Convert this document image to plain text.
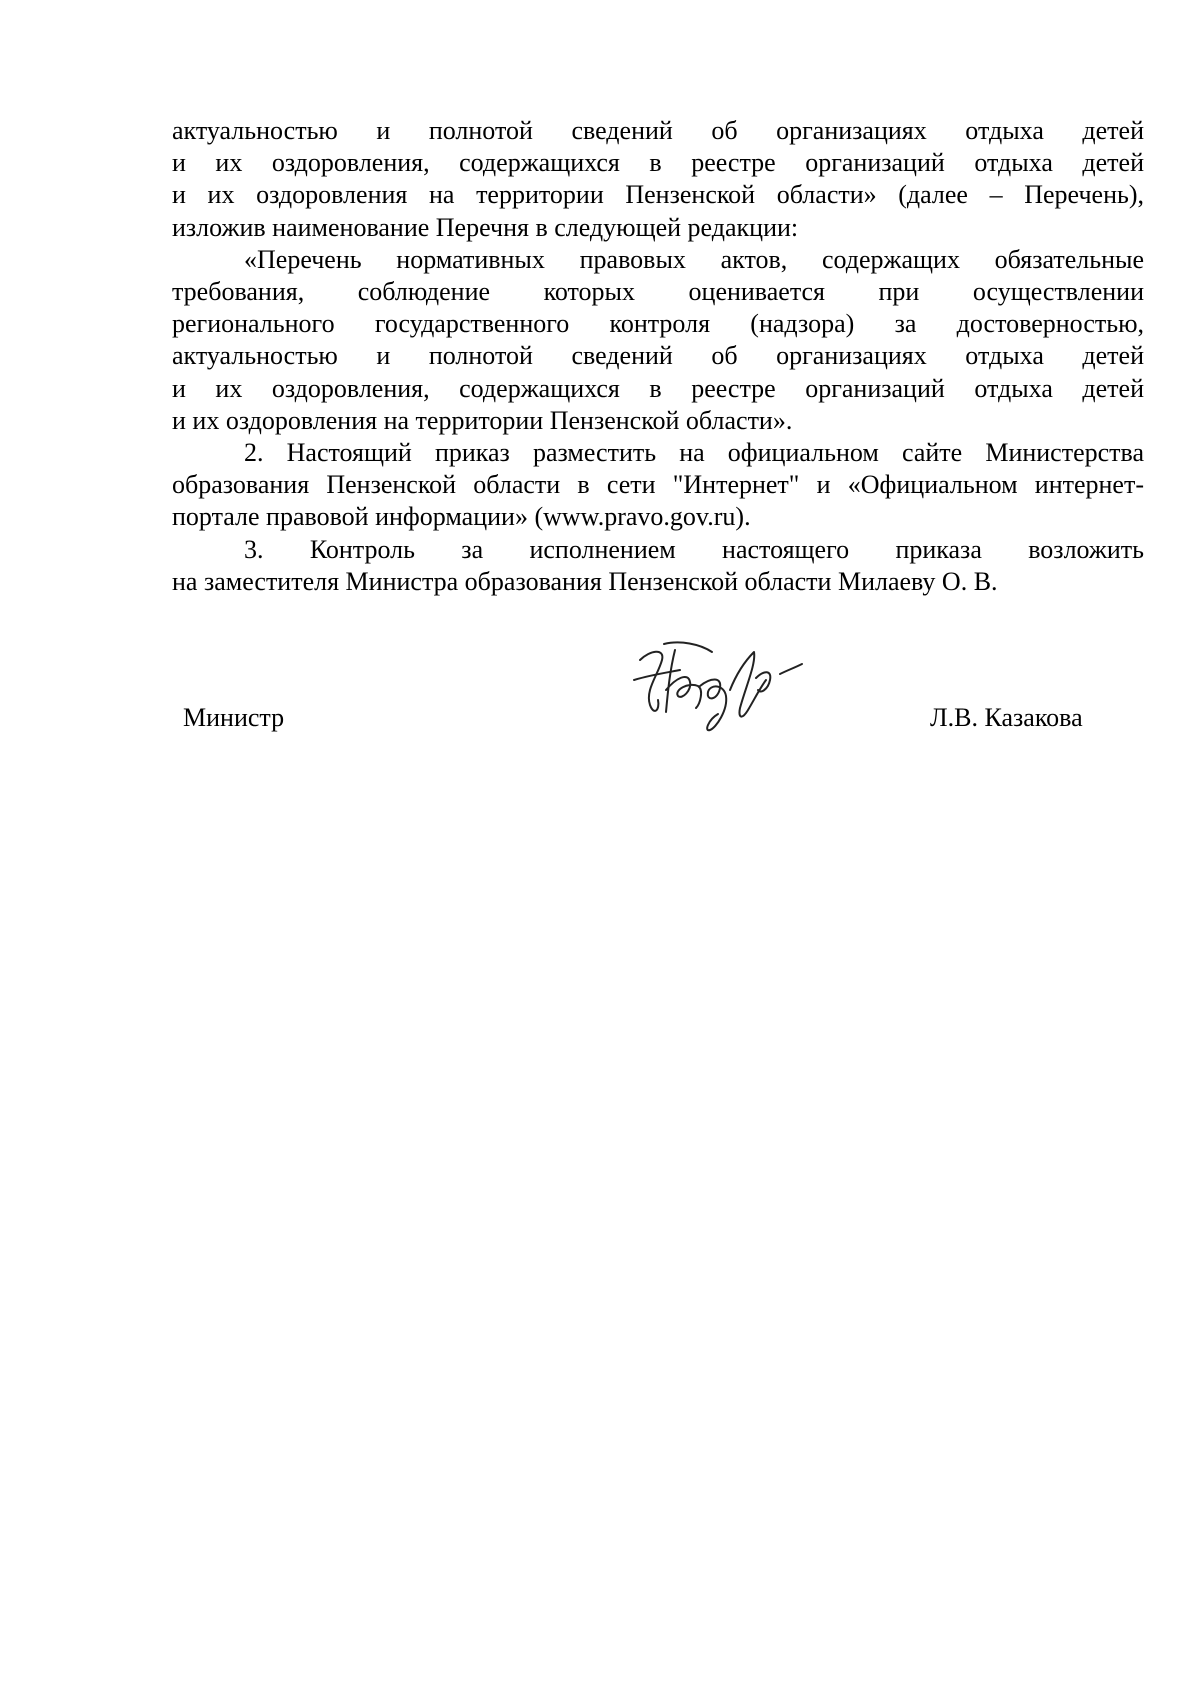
актуальностью и полнотой сведений об организациях отдыха детей
и их оздоровления, содержащихся в реестре организаций отдыха детей
и их оздоровления на территории Пензенской области» (далее – Перечень),
изложив наименование Перечня в следующей редакции:
«Перечень нормативных правовых актов, содержащих обязательные
требования, соблюдение которых оценивается при осуществлении
регионального государственного контроля (надзора) за достоверностью,
актуальностью и полнотой сведений об организациях отдыха детей
и их оздоровления, содержащихся в реестре организаций отдыха детей
и их оздоровления на территории Пензенской области».
2. Настоящий приказ разместить на официальном сайте Министерства
образования Пензенской области в сети "Интернет" и «Официальном интернет-
портале правовой информации» (www.pravo.gov.ru).
3. Контроль за исполнением настоящего приказа возложить
на заместителя Министра образования Пензенской области Милаеву О. В.
Министр	Л.В. Казакова
